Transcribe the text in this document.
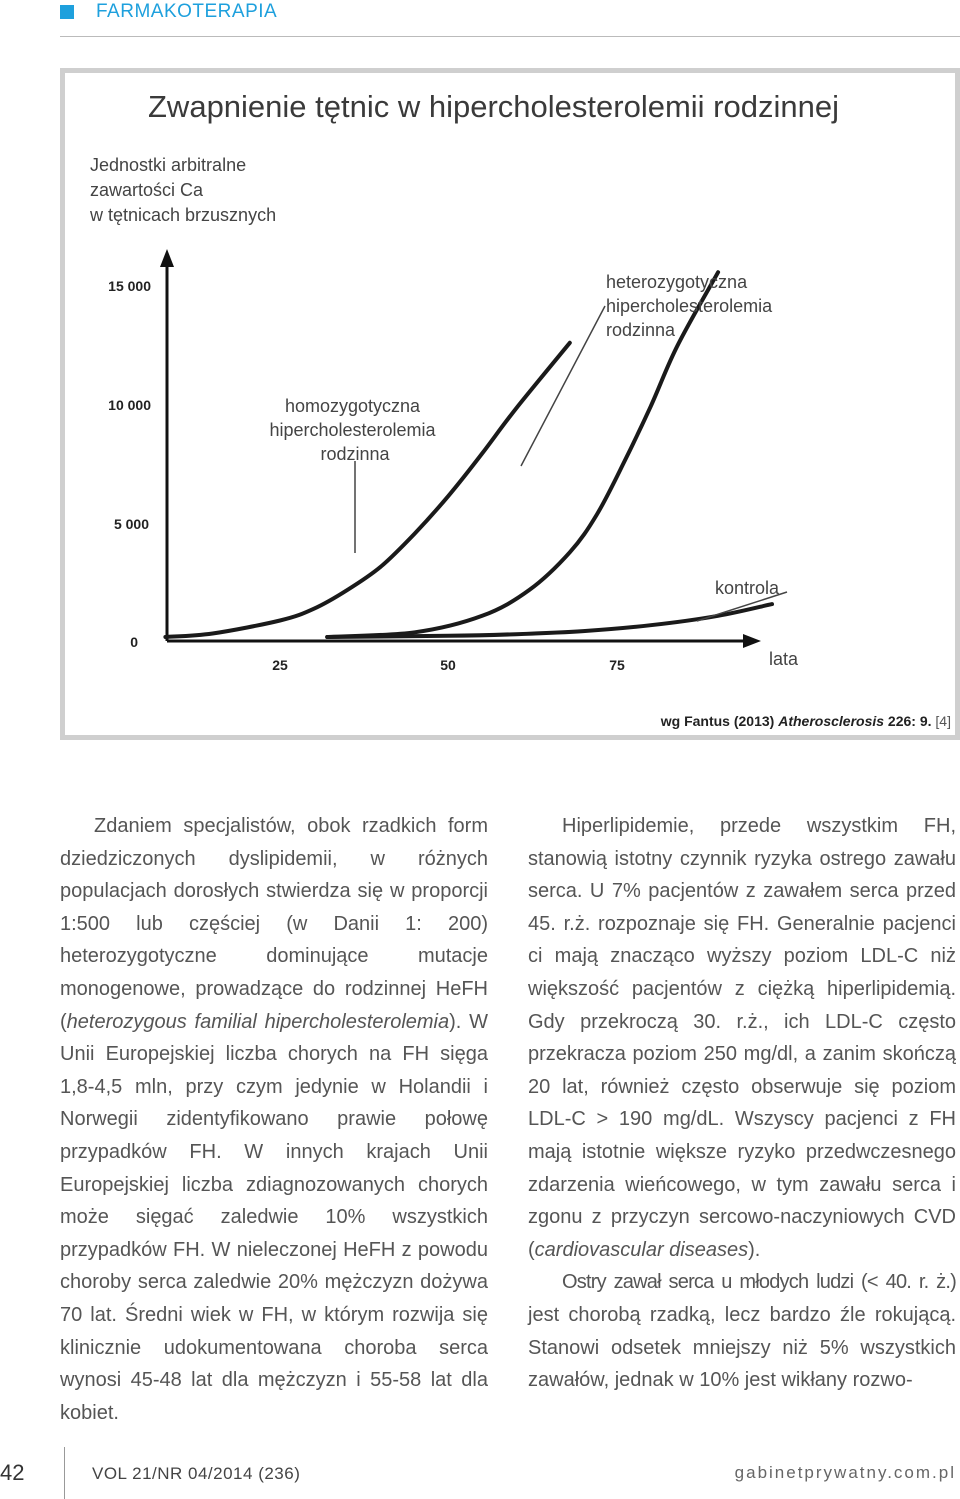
FARMAKOTERAPIA
Zwapnienie tętnic w hipercholesterolemii rodzinnej
Jednostki arbitralne
zawartości Ca
w tętnicach brzusznych
0
5 000
10 000
15 000
25	50	75	lata
heterozygotyczna hipercholesterolemia rodzinna
homozygotyczna hipercholesterolemia rodzinna
kontrola
wg Fantus (2013) Atherosclerosis 226: 9. [4]

Zdaniem specjalistów, obok rzadkich form dziedziczonych dyslipidemii, w różnych populacjach dorosłych stwierdza się w proporcji 1:500 lub częściej (w Danii 1: 200) heterozygotyczne dominujące mutacje monogenowe, prowadzące do rodzinnej HeFH (heterozygous familial hipercholesterolemia). W Unii Europejskiej liczba chorych na FH sięga 1,8-4,5 mln, przy czym jedynie w Holandii i Norwegii zidentyfikowano prawie połowę przypadków FH. W innych krajach Unii Europejskiej liczba zdiagnozowanych chorych może sięgać zaledwie 10% wszystkich przypadków FH. W nieleczonej HeFH z powodu choroby serca zaledwie 20% mężczyzn dożywa 70 lat. Średni wiek w FH, w którym rozwija się klinicznie udokumentowana choroba serca wynosi 45-48 lat dla mężczyzn i 55-58 lat dla kobiet.

Hiperlipidemie, przede wszystkim FH, stanowią istotny czynnik ryzyka ostrego zawału serca. U 7% pacjentów z zawałem serca przed 45. r.ż. rozpoznaje się FH. Generalnie pacjenci ci mają znacząco wyższy poziom LDL-C niż większość pacjentów z ciężką hiperlipidemią. Gdy przekroczą 30. r.ż., ich LDL-C często przekracza poziom 250 mg/dl, a zanim skończą 20 lat, również często obserwuje się poziom LDL-C > 190 mg/dL. Wszyscy pacjenci z FH mają istotnie większe ryzyko przedwczesnego zdarzenia wieńcowego, w tym zawału serca i zgonu z przyczyn sercowo-naczyniowych CVD (cardiovascular diseases).

Ostry zawał serca u młodych ludzi (< 40. r. ż.) jest chorobą rzadką, lecz bardzo źle rokującą. Stanowi odsetek mniejszy niż 5% wszystkich zawałów, jednak w 10% jest wikłany rozwo-

42	VOL 21/NR 04/2014 (236)	gabinetprywatny.com.pl
